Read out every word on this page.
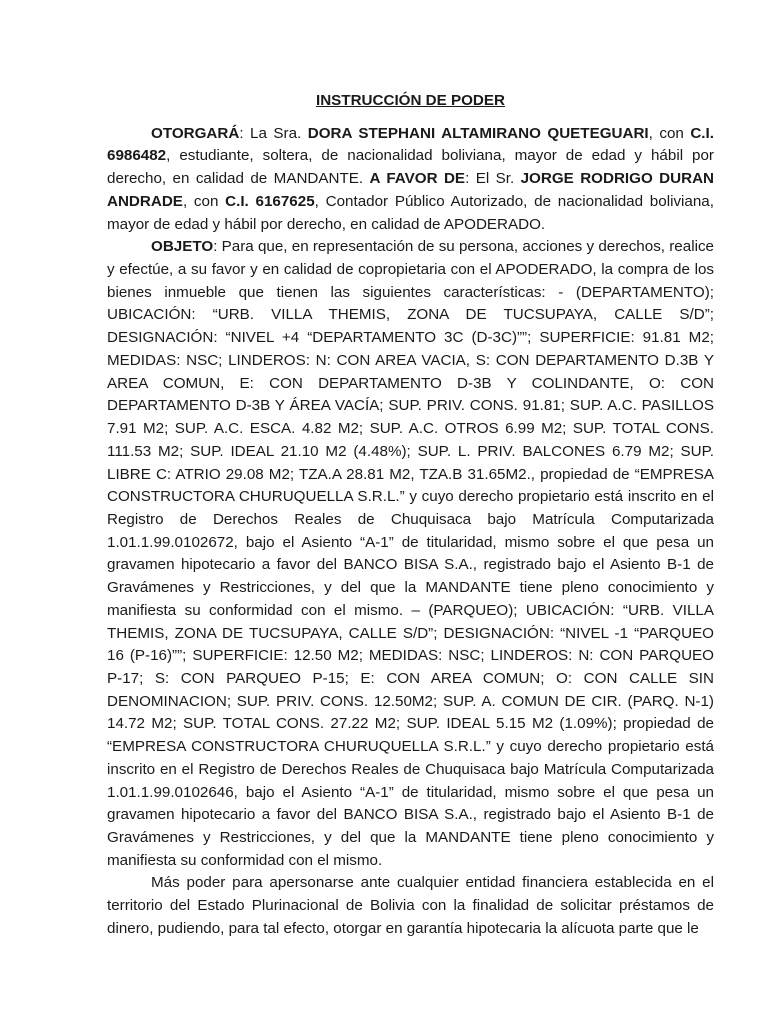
INSTRUCCIÓN DE PODER

OTORGARÁ: La Sra. DORA STEPHANI ALTAMIRANO QUETEGUARI, con C.I. 6986482, estudiante, soltera, de nacionalidad boliviana, mayor de edad y hábil por derecho, en calidad de MANDANTE. A FAVOR DE: El Sr. JORGE RODRIGO DURAN ANDRADE, con C.I. 6167625, Contador Público Autorizado, de nacionalidad boliviana, mayor de edad y hábil por derecho, en calidad de APODERADO.

OBJETO: Para que, en representación de su persona, acciones y derechos, realice y efectúe, a su favor y en calidad de copropietaria con el APODERADO, la compra de los bienes inmueble que tienen las siguientes características: - (DEPARTAMENTO); UBICACIÓN: “URB. VILLA THEMIS, ZONA DE TUCSUPAYA, CALLE S/D”; DESIGNACIÓN: “NIVEL +4 “DEPARTAMENTO 3C (D-3C)””; SUPERFICIE: 91.81 M2; MEDIDAS: NSC; LINDEROS: N: CON AREA VACIA, S: CON DEPARTAMENTO D.3B Y AREA COMUN, E: CON DEPARTAMENTO D-3B Y COLINDANTE, O: CON DEPARTAMENTO D-3B Y ÁREA VACÍA; SUP. PRIV. CONS. 91.81; SUP. A.C. PASILLOS 7.91 M2; SUP. A.C. ESCA. 4.82 M2; SUP. A.C. OTROS 6.99 M2; SUP. TOTAL CONS. 111.53 M2; SUP. IDEAL 21.10 M2 (4.48%); SUP. L. PRIV. BALCONES 6.79 M2; SUP. LIBRE C: ATRIO 29.08 M2; TZA.A 28.81 M2, TZA.B 31.65M2., propiedad de “EMPRESA CONSTRUCTORA CHURUQUELLA S.R.L.” y cuyo derecho propietario está inscrito en el Registro de Derechos Reales de Chuquisaca bajo Matrícula Computarizada 1.01.1.99.0102672, bajo el Asiento “A-1” de titularidad, mismo sobre el que pesa un gravamen hipotecario a favor del BANCO BISA S.A., registrado bajo el Asiento B-1 de Gravámenes y Restricciones, y del que la MANDANTE tiene pleno conocimiento y manifiesta su conformidad con el mismo. – (PARQUEO); UBICACIÓN: “URB. VILLA THEMIS, ZONA DE TUCSUPAYA, CALLE S/D”; DESIGNACIÓN: “NIVEL -1 “PARQUEO 16 (P-16)””; SUPERFICIE: 12.50 M2; MEDIDAS: NSC; LINDEROS: N: CON PARQUEO P-17; S: CON PARQUEO P-15; E: CON AREA COMUN; O: CON CALLE SIN DENOMINACION; SUP. PRIV. CONS. 12.50M2; SUP. A. COMUN DE CIR. (PARQ. N-1) 14.72 M2; SUP. TOTAL CONS. 27.22 M2; SUP. IDEAL 5.15 M2 (1.09%); propiedad de “EMPRESA CONSTRUCTORA CHURUQUELLA S.R.L.” y cuyo derecho propietario está inscrito en el Registro de Derechos Reales de Chuquisaca bajo Matrícula Computarizada 1.01.1.99.0102646, bajo el Asiento “A-1” de titularidad, mismo sobre el que pesa un gravamen hipotecario a favor del BANCO BISA S.A., registrado bajo el Asiento B-1 de Gravámenes y Restricciones, y del que la MANDANTE tiene pleno conocimiento y manifiesta su conformidad con el mismo.

Más poder para apersonarse ante cualquier entidad financiera establecida en el territorio del Estado Plurinacional de Bolivia con la finalidad de solicitar préstamos de dinero, pudiendo, para tal efecto, otorgar en garantía hipotecaria la alícuota parte que le
